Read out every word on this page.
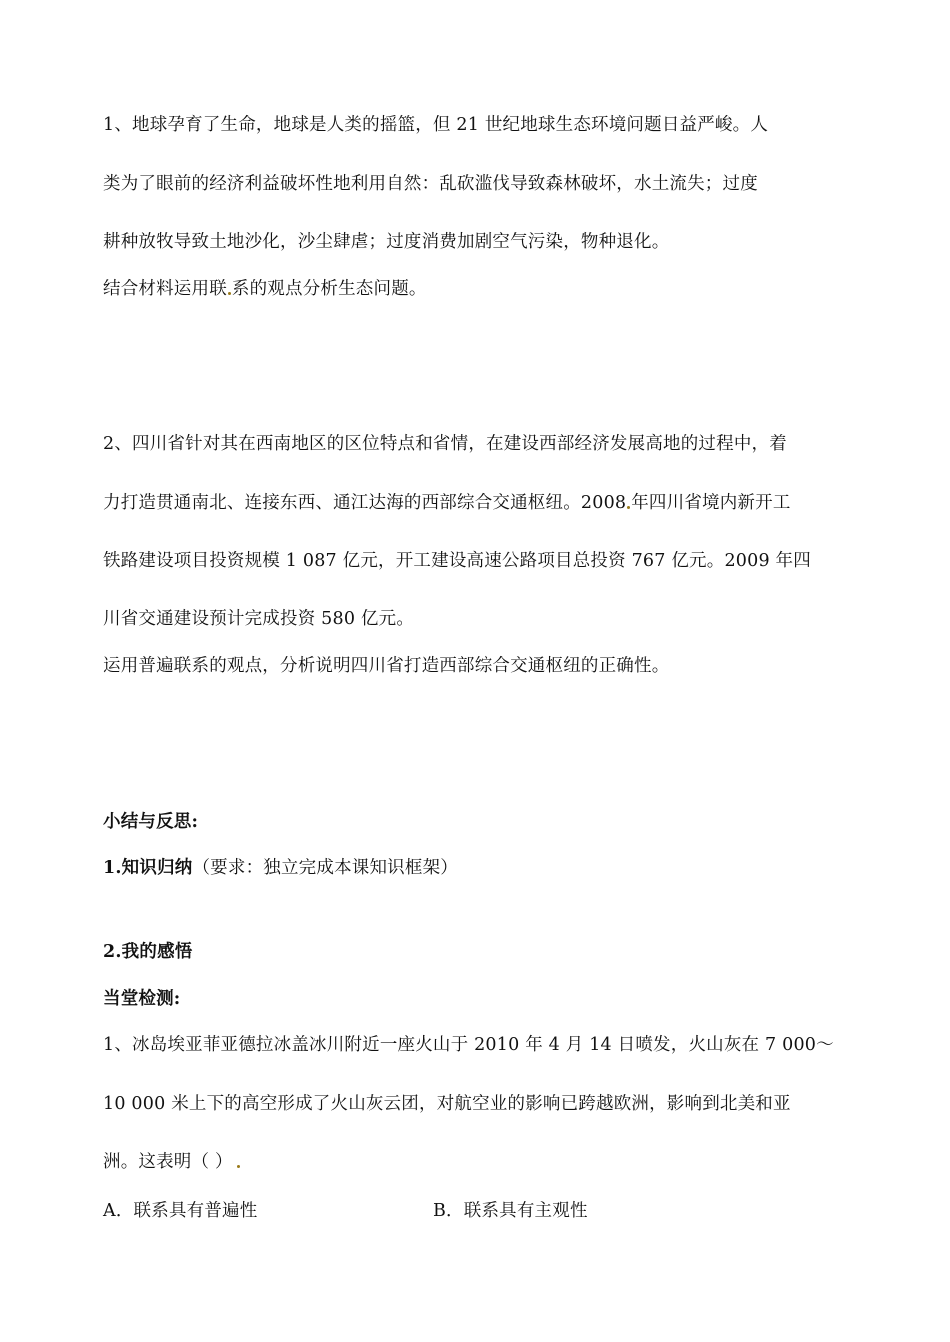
1、地球孕育了生命，地球是人类的摇篮，但 21 世纪地球生态环境问题日益严峻。人
类为了眼前的经济利益破坏性地利用自然：乱砍滥伐导致森林破坏，水土流失；过度
耕种放牧导致土地沙化，沙尘肆虐；过度消费加剧空气污染，物种退化。
结合材料运用联 系的观点分析生态问题。
2、四川省针对其在西南地区的区位特点和省情，在建设西部经济发展高地的过程中，着
力打造贯通南北、连接东西、通江达海的西部综合交通枢纽。2008 年四川省境内新开工
铁路建设项目投资规模 1 087 亿元，开工建设高速公路项目总投资 767 亿元。2009 年四
川省交通建设预计完成投资 580 亿元。
运用普遍联系的观点，分析说明四川省打造西部综合交通枢纽的正确性。
小结与反思:
1.知识归纳（要求：独立完成本课知识框架）
2.我的感悟
当堂检测:
1、冰岛埃亚菲亚德拉冰盖冰川附近一座火山于 2010 年 4 月 14 日喷发，火山灰在 7 000～
10 000 米上下的高空形成了火山灰云团，对航空业的影响已跨越欧洲，影响到北美和亚
洲。这表明（ ）
A．联系具有普遍性	B．联系具有主观性
